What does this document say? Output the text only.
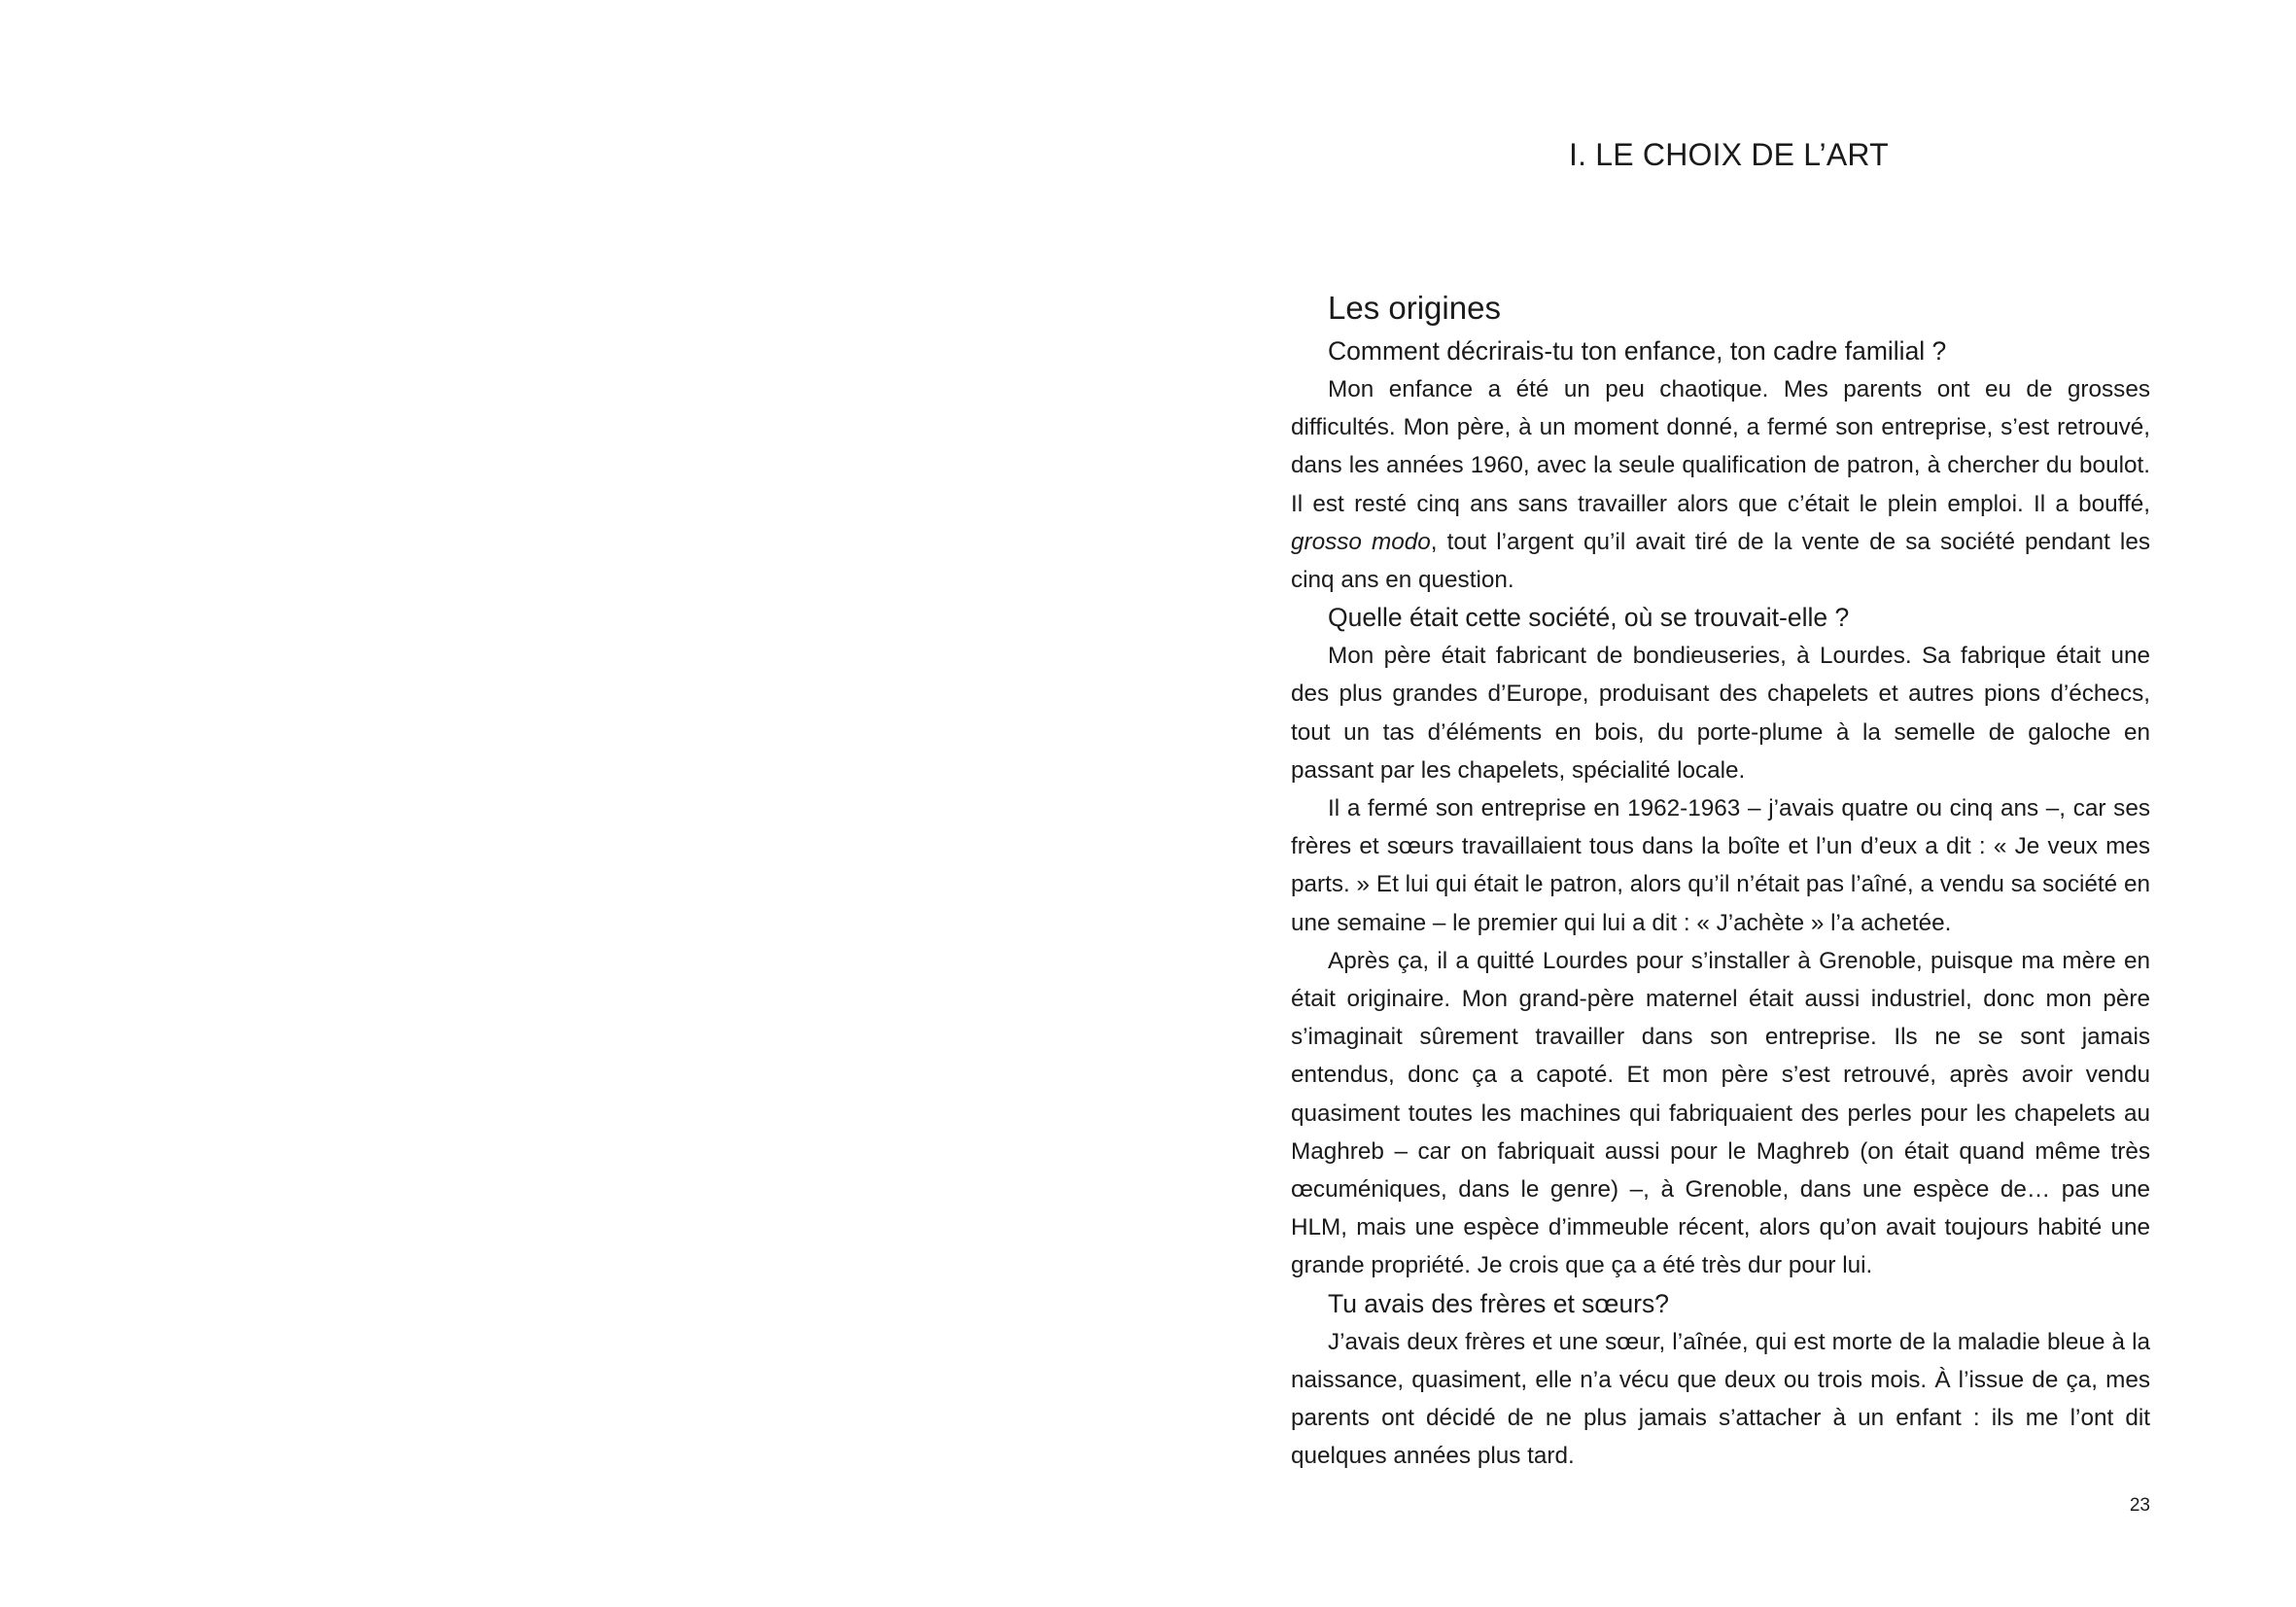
I. LE CHOIX DE L’ART
Les origines

Comment décrirais-tu ton enfance, ton cadre familial ?

Mon enfance a été un peu chaotique. Mes parents ont eu de grosses difficultés. Mon père, à un moment donné, a fermé son entreprise, s’est retrouvé, dans les années 1960, avec la seule qualification de patron, à chercher du boulot. Il est resté cinq ans sans travailler alors que c’était le plein emploi. Il a bouffé, grosso modo, tout l’argent qu’il avait tiré de la vente de sa société pendant les cinq ans en question.

Quelle était cette société, où se trouvait-elle ?

Mon père était fabricant de bondieuseries, à Lourdes. Sa fabrique était une des plus grandes d’Europe, produisant des chapelets et autres pions d’échecs, tout un tas d’éléments en bois, du porte-plume à la semelle de galoche en passant par les chapelets, spécialité locale.

Il a fermé son entreprise en 1962-1963 – j’avais quatre ou cinq ans –, car ses frères et sœurs travaillaient tous dans la boîte et l’un d’eux a dit : « Je veux mes parts. » Et lui qui était le patron, alors qu’il n’était pas l’aîné, a vendu sa société en une semaine – le premier qui lui a dit : « J’achète » l’a achetée.

Après ça, il a quitté Lourdes pour s’installer à Grenoble, puisque ma mère en était originaire. Mon grand-père maternel était aussi industriel, donc mon père s’imaginait sûrement travailler dans son entreprise. Ils ne se sont jamais entendus, donc ça a capoté. Et mon père s’est retrouvé, après avoir vendu quasiment toutes les machines qui fabriquaient des perles pour les chapelets au Maghreb – car on fabriquait aussi pour le Maghreb (on était quand même très œcuméniques, dans le genre) –, à Grenoble, dans une espèce de… pas une HLM, mais une espèce d’immeuble récent, alors qu’on avait toujours habité une grande propriété. Je crois que ça a été très dur pour lui.

Tu avais des frères et sœurs?

J’avais deux frères et une sœur, l’aînée, qui est morte de la maladie bleue à la naissance, quasiment, elle n’a vécu que deux ou trois mois. À l’issue de ça, mes parents ont décidé de ne plus jamais s’attacher à un enfant : ils me l’ont dit quelques années plus tard.

23
